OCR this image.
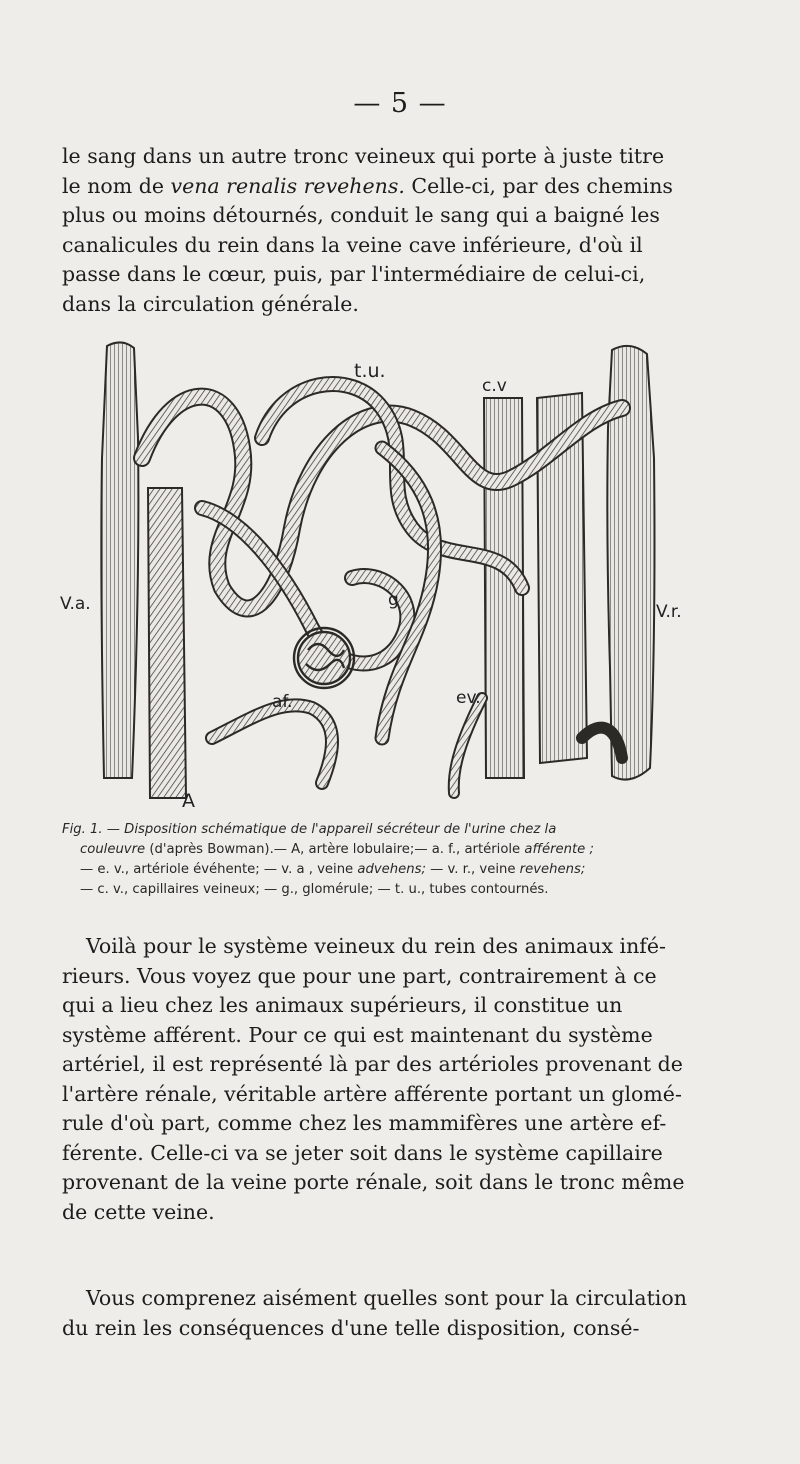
— 5 —

le sang dans un autre tronc veineux qui porte à juste titre
le nom de vena renalis revehens. Celle-ci, par des chemins
plus ou moins détournés, conduit le sang qui a baigné les
canalicules du rein dans la veine cave inférieure, d'où il
passe dans le cœur, puis, par l'intermédiaire de celui-ci,
dans la circulation générale.

t.u.
c.v
V.a.	V.r.
g
af.	ev.
A
Fig. 1. — Disposition schématique de l'appareil sécréteur de l'urine chez la
couleuvre (d'après Bowman).— A, artère lobulaire;— a. f., artériole afférente ;
— e. v., artériole évéhente; — v. a , veine advehens; — v. r., veine revehens;
— c. v., capillaires veineux; — g., glomérule; — t. u., tubes contournés.

Voilà pour le système veineux du rein des animaux infé-
rieurs. Vous voyez que pour une part, contrairement à ce
qui a lieu chez les animaux supérieurs, il constitue un
système afférent. Pour ce qui est maintenant du système
artériel, il est représenté là par des artérioles provenant de
l'artère rénale, véritable artère afférente portant un glomé-
rule d'où part, comme chez les mammifères une artère ef-
férente. Celle-ci va se jeter soit dans le système capillaire
provenant de la veine porte rénale, soit dans le tronc même
de cette veine.

Vous comprenez aisément quelles sont pour la circulation
du rein les conséquences d'une telle disposition, consé-
